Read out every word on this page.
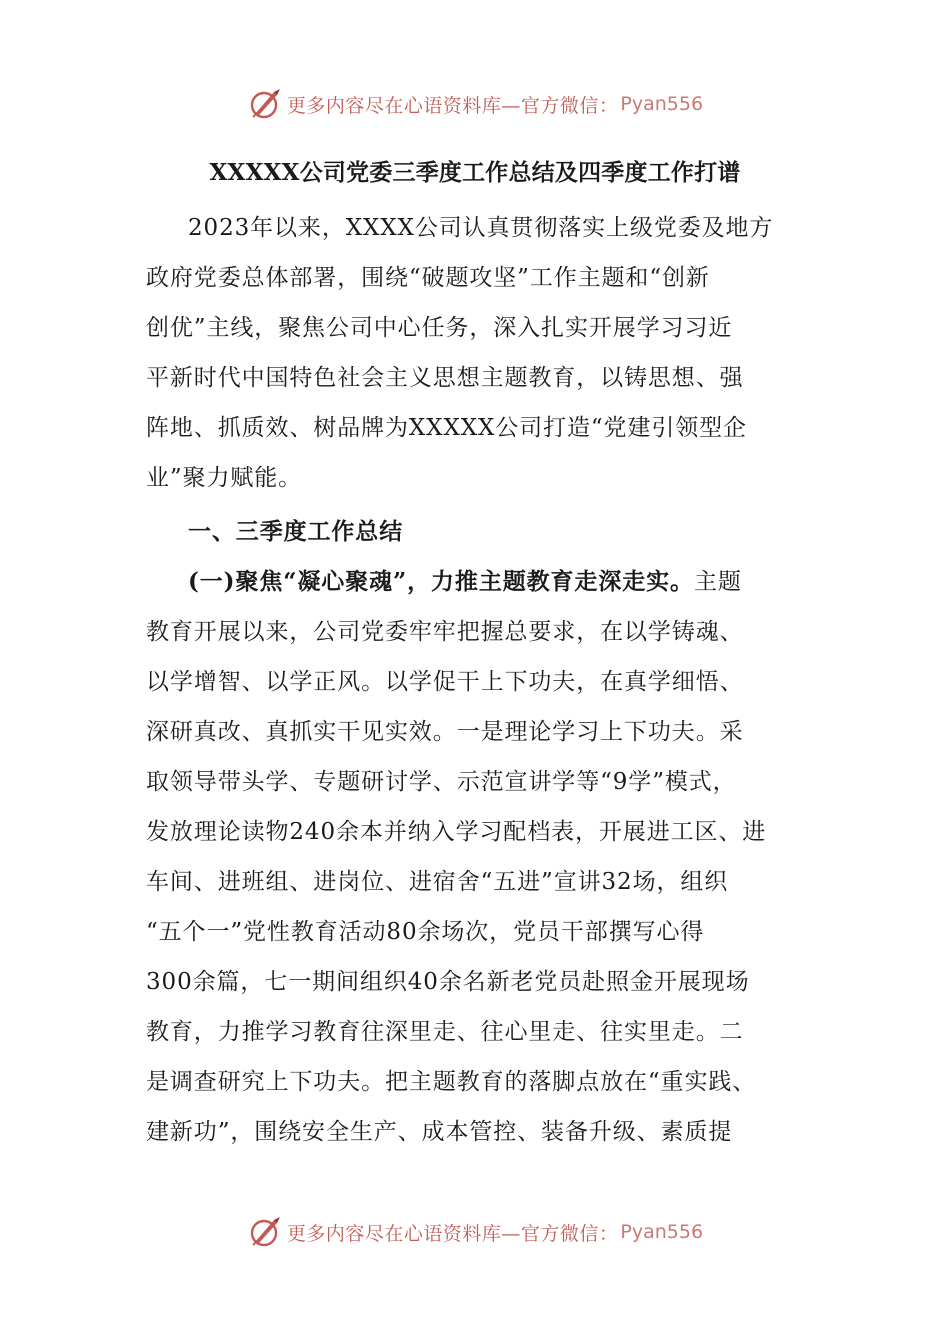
更多内容尽在心语资料库—官方微信： Pyan556
XXXXX公司党委三季度工作总结及四季度工作打谱
2023年以来，XXXX公司认真贯彻落实上级党委及地方
政府党委总体部署，围绕“破题攻坚”工作主题和“创新
创优”主线，聚焦公司中心任务，深入扎实开展学习习近
平新时代中国特色社会主义思想主题教育，以铸思想、强
阵地、抓质效、树品牌为XXXXX公司打造“党建引领型企
业”聚力赋能。
一、三季度工作总结
(一)聚焦“凝心聚魂”，力推主题教育走深走实。主题
教育开展以来，公司党委牢牢把握总要求，在以学铸魂、
以学增智、以学正风。以学促干上下功夫，在真学细悟、
深研真改、真抓实干见实效。一是理论学习上下功夫。采
取领导带头学、专题研讨学、示范宣讲学等“9学”模式，
发放理论读物240余本并纳入学习配档表，开展进工区、进
车间、进班组、进岗位、进宿舍“五进”宣讲32场，组织
“五个一”党性教育活动80余场次，党员干部撰写心得
300余篇，七一期间组织40余名新老党员赴照金开展现场
教育，力推学习教育往深里走、往心里走、往实里走。二
是调查研究上下功夫。把主题教育的落脚点放在“重实践、
建新功”，围绕安全生产、成本管控、装备升级、素质提
更多内容尽在心语资料库—官方微信： Pyan556
